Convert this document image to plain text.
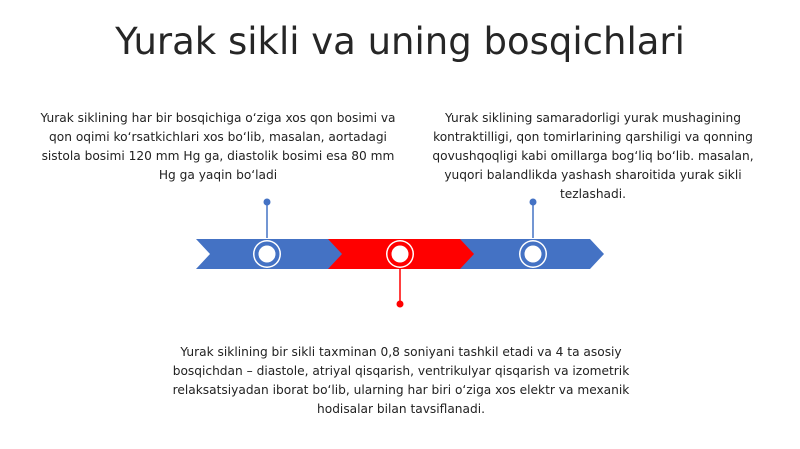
Yurak sikli va uning bosqichlari
Yurak siklining har bir bosqichiga o‘ziga xos qon bosimi va qon oqimi ko‘rsatkichlari xos bo‘lib, masalan, aortadagi sistola bosimi 120 mm Hg ga, diastolik bosimi esa 80 mm Hg ga yaqin bo‘ladi
Yurak siklining samaradorligi yurak mushagining kontraktilligi, qon tomirlarining qarshiligi va qonning qovushqoqligi kabi omillarga bog‘liq bo‘lib. masalan, yuqori balandlikda yashash sharoitida yurak sikli tezlashadi.
Yurak siklining bir sikli taxminan 0,8 soniyani tashkil etadi va 4 ta asosiy bosqichdan – diastole, atriyal qisqarish, ventrikulyar qisqarish va izometrik relaksatsiyadan iborat bo‘lib, ularning har biri o‘ziga xos elektr va mexanik hodisalar bilan tavsiflanadi.
